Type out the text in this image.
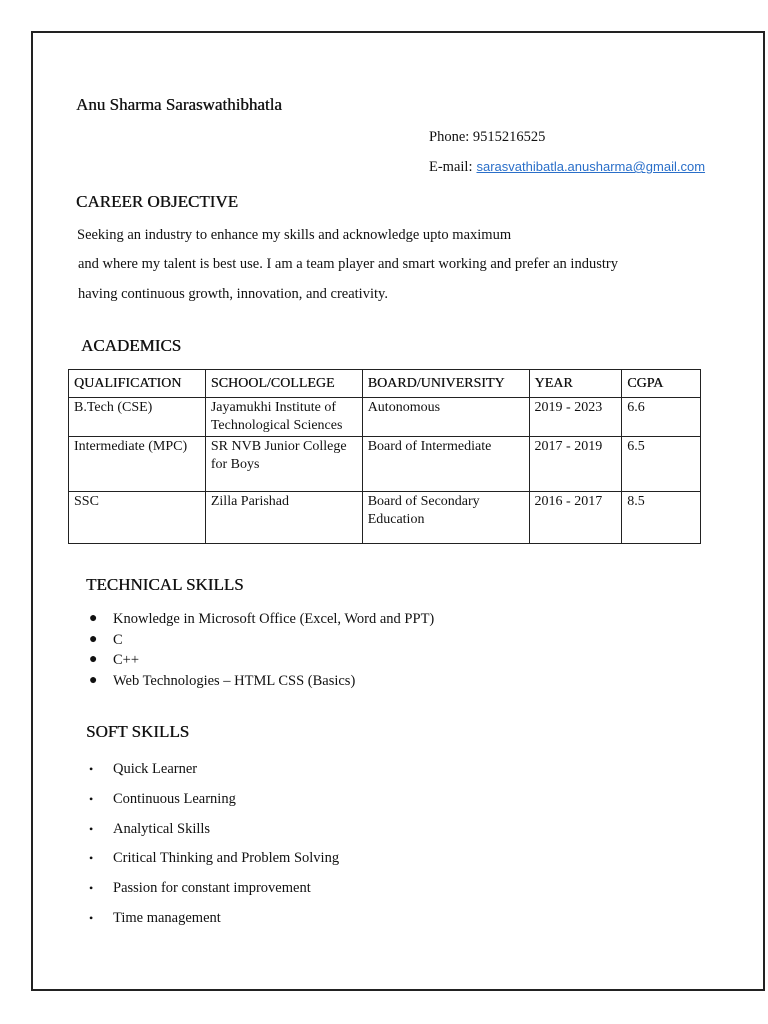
Anu Sharma Saraswathibhatla
Phone: 9515216525
E-mail: sarasvathibatla.anusharma@gmail.com
CAREER OBJECTIVE
Seeking an industry to enhance my skills and acknowledge upto maximum
and where my talent is best use. I am a team player and smart working and prefer an industry
having continuous growth, innovation, and creativity.
ACADEMICS
QUALIFICATION	SCHOOL/COLLEGE	BOARD/UNIVERSITY	YEAR	CGPA
B.Tech (CSE)	Jayamukhi Institute of Technological Sciences	Autonomous	2019 - 2023	6.6
Intermediate (MPC)	SR NVB Junior College for Boys	Board of Intermediate	2017 - 2019	6.5
SSC	Zilla Parishad	Board of Secondary Education	2016 - 2017	8.5
TECHNICAL SKILLS
● Knowledge in Microsoft Office (Excel, Word and PPT)
● C
● C++
● Web Technologies – HTML CSS (Basics)
SOFT SKILLS
• Quick Learner
• Continuous Learning
• Analytical Skills
• Critical Thinking and Problem Solving
• Passion for constant improvement
• Time management
